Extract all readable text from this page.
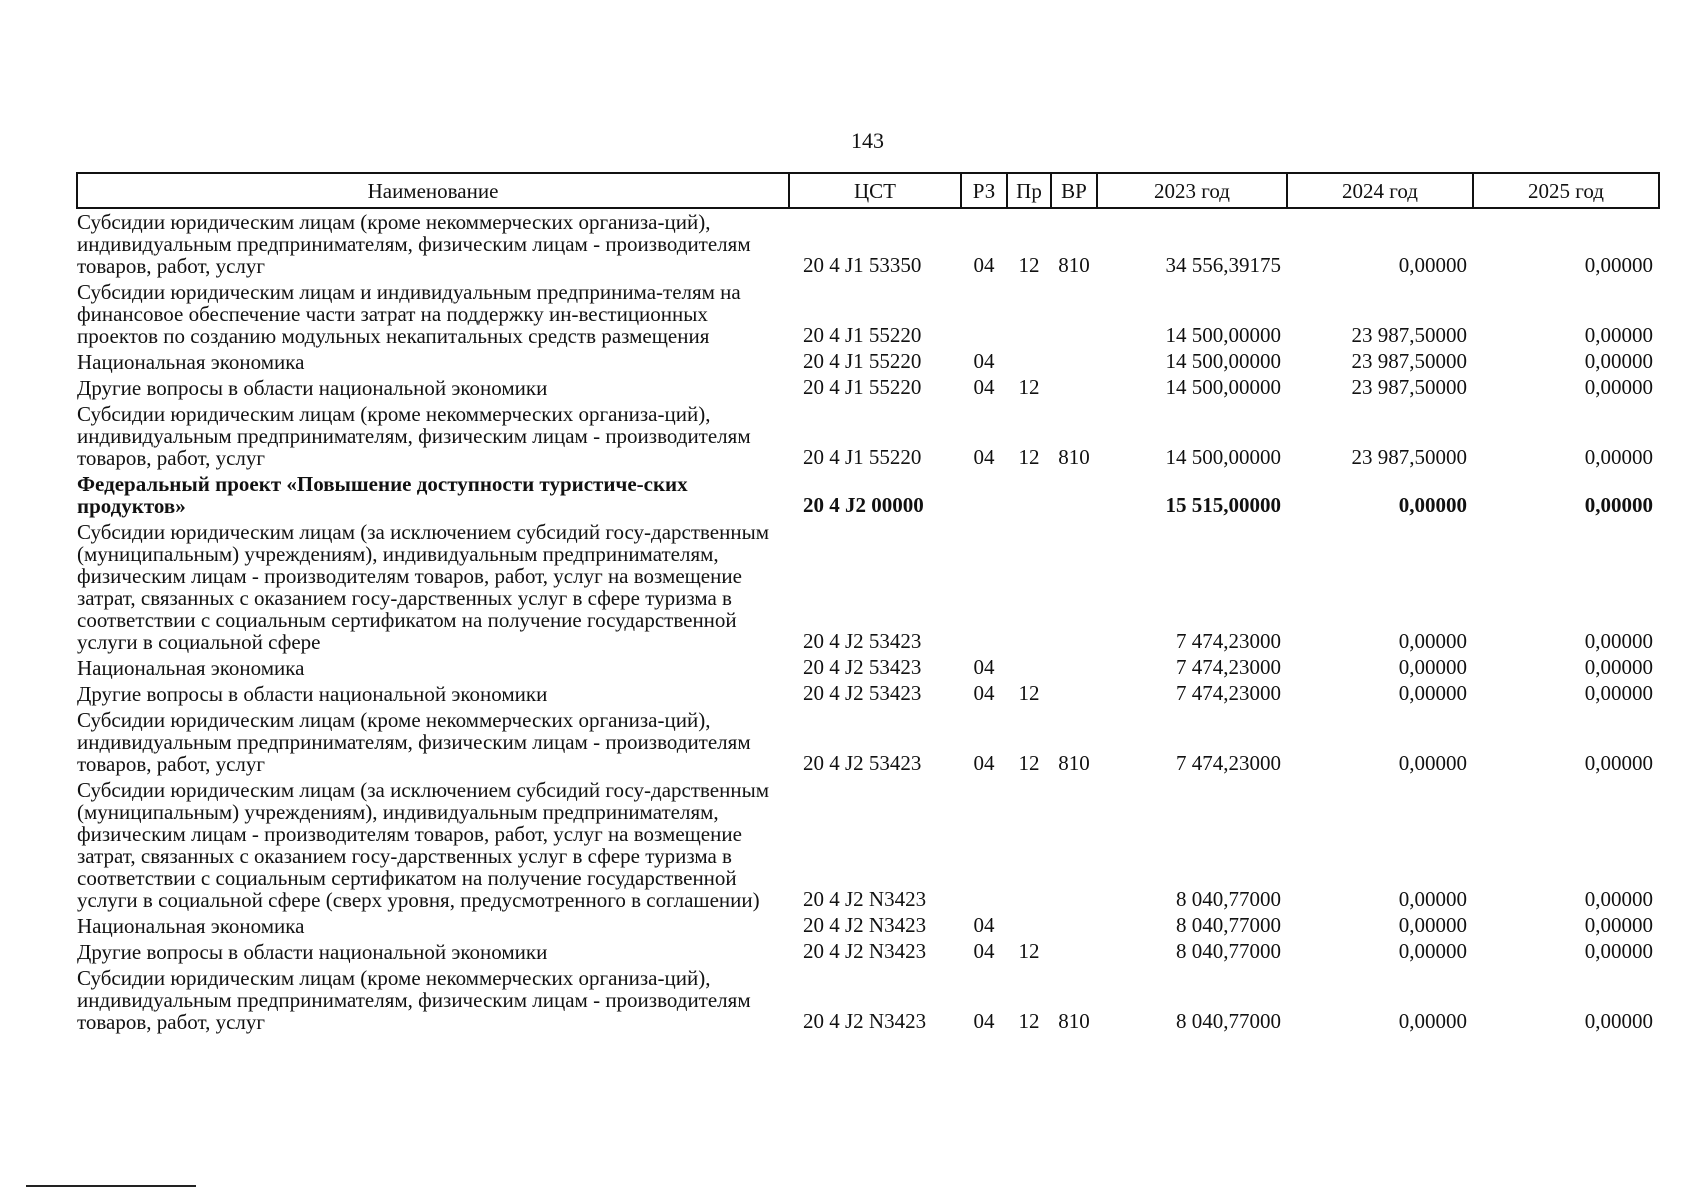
143
Наименование	ЦСТ	РЗ	Пр	ВР	2023 год	2024 год	2025 год
Субсидии юридическим лицам (кроме некоммерческих организа-ций), индивидуальным предпринимателям, физическим лицам - производителям товаров, работ, услуг	20 4 J1 53350	04	12	810	34 556,39175	0,00000	0,00000
Субсидии юридическим лицам и индивидуальным предпринима-телям на финансовое обеспечение части затрат на поддержку ин-вестиционных проектов по созданию модульных некапитальных средств размещения	20 4 J1 55220				14 500,00000	23 987,50000	0,00000
Национальная экономика	20 4 J1 55220	04			14 500,00000	23 987,50000	0,00000
Другие вопросы в области национальной экономики	20 4 J1 55220	04	12		14 500,00000	23 987,50000	0,00000
Субсидии юридическим лицам (кроме некоммерческих организа-ций), индивидуальным предпринимателям, физическим лицам - производителям товаров, работ, услуг	20 4 J1 55220	04	12	810	14 500,00000	23 987,50000	0,00000
Федеральный проект «Повышение доступности туристиче-ских продуктов»	20 4 J2 00000				15 515,00000	0,00000	0,00000
Субсидии юридическим лицам (за исключением субсидий госу-дарственным (муниципальным) учреждениям), индивидуальным предпринимателям, физическим лицам - производителям товаров, работ, услуг на возмещение затрат, связанных с оказанием госу-дарственных услуг в сфере туризма в соответствии с социальным сертификатом на получение государственной услуги в социальной сфере	20 4 J2 53423				7 474,23000	0,00000	0,00000
Национальная экономика	20 4 J2 53423	04			7 474,23000	0,00000	0,00000
Другие вопросы в области национальной экономики	20 4 J2 53423	04	12		7 474,23000	0,00000	0,00000
Субсидии юридическим лицам (кроме некоммерческих организа-ций), индивидуальным предпринимателям, физическим лицам - производителям товаров, работ, услуг	20 4 J2 53423	04	12	810	7 474,23000	0,00000	0,00000
Субсидии юридическим лицам (за исключением субсидий госу-дарственным (муниципальным) учреждениям), индивидуальным предпринимателям, физическим лицам - производителям товаров, работ, услуг на возмещение затрат, связанных с оказанием госу-дарственных услуг в сфере туризма в соответствии с социальным сертификатом на получение государственной услуги в социальной сфере (сверх уровня, предусмотренного в соглашении)	20 4 J2 N3423				8 040,77000	0,00000	0,00000
Национальная экономика	20 4 J2 N3423	04			8 040,77000	0,00000	0,00000
Другие вопросы в области национальной экономики	20 4 J2 N3423	04	12		8 040,77000	0,00000	0,00000
Субсидии юридическим лицам (кроме некоммерческих организа-ций), индивидуальным предпринимателям, физическим лицам - производителям товаров, работ, услуг	20 4 J2 N3423	04	12	810	8 040,77000	0,00000	0,00000
